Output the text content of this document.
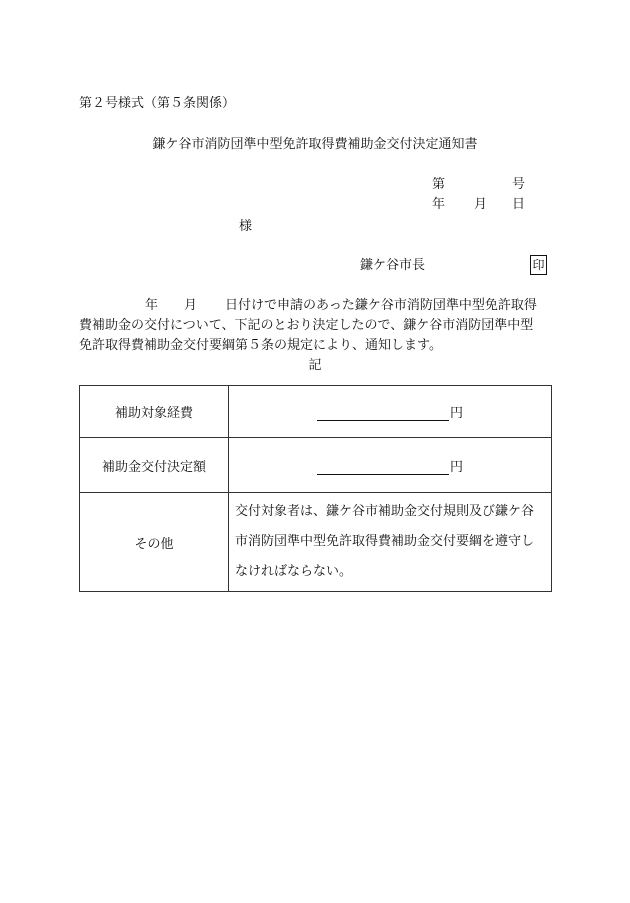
第２号様式（第５条関係）
鎌ケ谷市消防団準中型免許取得費補助金交付決定通知書
第	号
年 月 日
様
鎌ケ谷市長	印
年 月 日付けで申請のあった鎌ケ谷市消防団準中型免許取得
費補助金の交付について、下記のとおり決定したので、鎌ケ谷市消防団準中型
免許取得費補助金交付要綱第５条の規定により、通知します。
記
補助対象経費	円
補助金交付決定額	円
その他	交付対象者は、鎌ケ谷市補助金交付規則及び鎌ケ谷
市消防団準中型免許取得費補助金交付要綱を遵守し
なければならない。
